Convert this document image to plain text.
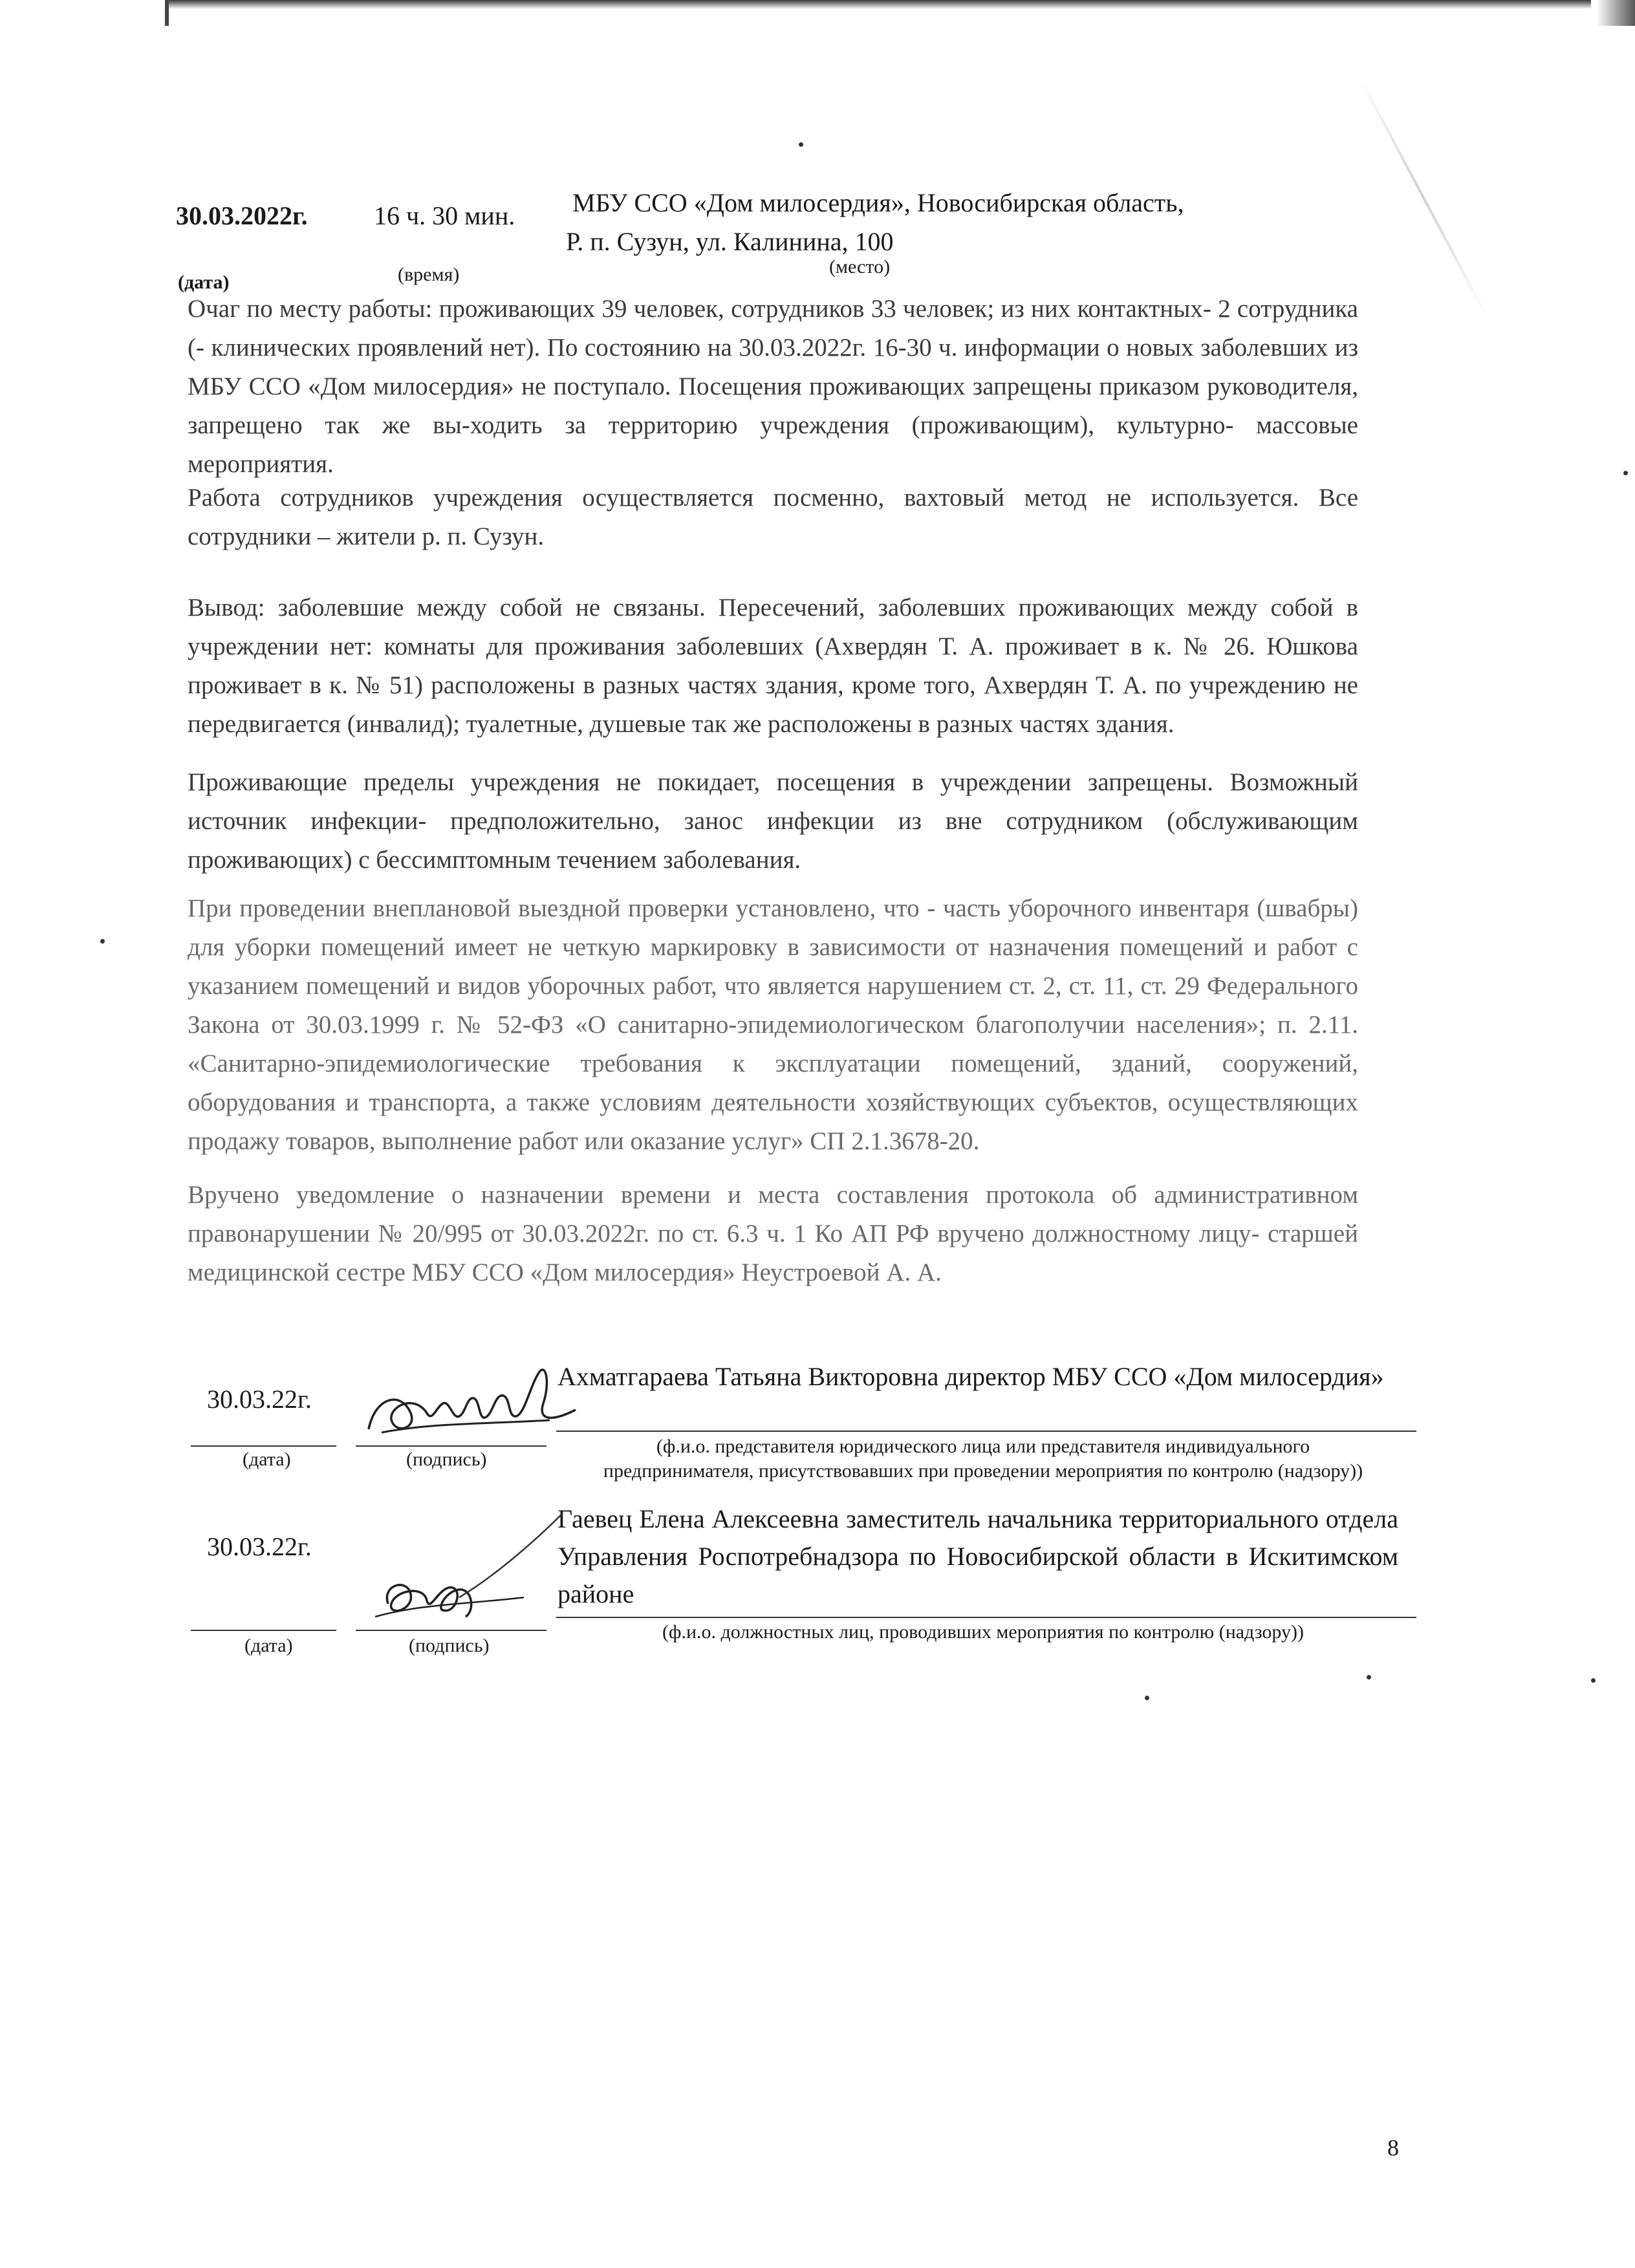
30.03.2022г.	16 ч. 30 мин. МБУ ССО «Дом милосердия», Новосибирская область,
Р. п. Сузун, ул. Калинина, 100
(дата)	(время)	(место)

Очаг по месту работы: проживающих 39 человек, сотрудников 33 человек; из них контактных- 2 сотрудника (- клинических проявлений нет). По состоянию на 30.03.2022г. 16-30 ч. информации о новых заболевших из МБУ ССО «Дом милосердия» не поступало. Посещения проживающих запрещены приказом руководителя, запрещено так же вы-ходить за территорию учреждения (проживающим), культурно- массовые мероприятия.

Работа сотрудников учреждения осуществляется посменно, вахтовый метод не используется. Все сотрудники – жители р. п. Сузун.

Вывод: заболевшие между собой не связаны. Пересечений, заболевших проживающих между собой в учреждении нет: комнаты для проживания заболевших (Ахвердян Т. А. проживает в к. № 26. Юшкова проживает в к. № 51) расположены в разных частях здания, кроме того, Ахвердян Т. А. по учреждению не передвигается (инвалид); туалетные, душевые так же расположены в разных частях здания.

Проживающие пределы учреждения не покидает, посещения в учреждении запрещены. Возможный источник инфекции- предположительно, занос инфекции из вне сотрудником (обслуживающим проживающих) с бессимптомным течением заболевания.

При проведении внеплановой выездной проверки установлено, что - часть уборочного инвентаря (швабры) для уборки помещений имеет не четкую маркировку в зависимости от назначения помещений и работ с указанием помещений и видов уборочных работ, что является нарушением ст. 2, ст. 11, ст. 29 Федерального Закона от 30.03.1999 г. № 52-ФЗ «О санитарно-эпидемиологическом благополучии населения»; п. 2.11. «Санитарно-эпидемиологические требования к эксплуатации помещений, зданий, сооружений, оборудования и транспорта, а также условиям деятельности хозяйствующих субъектов, осуществляющих продажу товаров, выполнение работ или оказание услуг» СП 2.1.3678-20.

Вручено уведомление о назначении времени и места составления протокола об административном правонарушении № 20/995 от 30.03.2022г. по ст. 6.3 ч. 1 Ко АП РФ вручено должностному лицу- старшей медицинской сестре МБУ ССО «Дом милосердия» Неустроевой А. А.

30.03.22г.
Ахматгараева Татьяна Викторовна директор МБУ ССО «Дом милосердия»
(дата)	(подпись)
(ф.и.о. представителя юридического лица или представителя индивидуального предпринимателя, присутствовавших при проведении мероприятия по контролю (надзору))
30.03.22г.
Гаевец Елена Алексеевна заместитель начальника территориального отдела Управления Роспотребнадзора по Новосибирской области в Искитимском районе
(дата)	(подпись)
(ф.и.о. должностных лиц, проводивших мероприятия по контролю (надзору))
8
